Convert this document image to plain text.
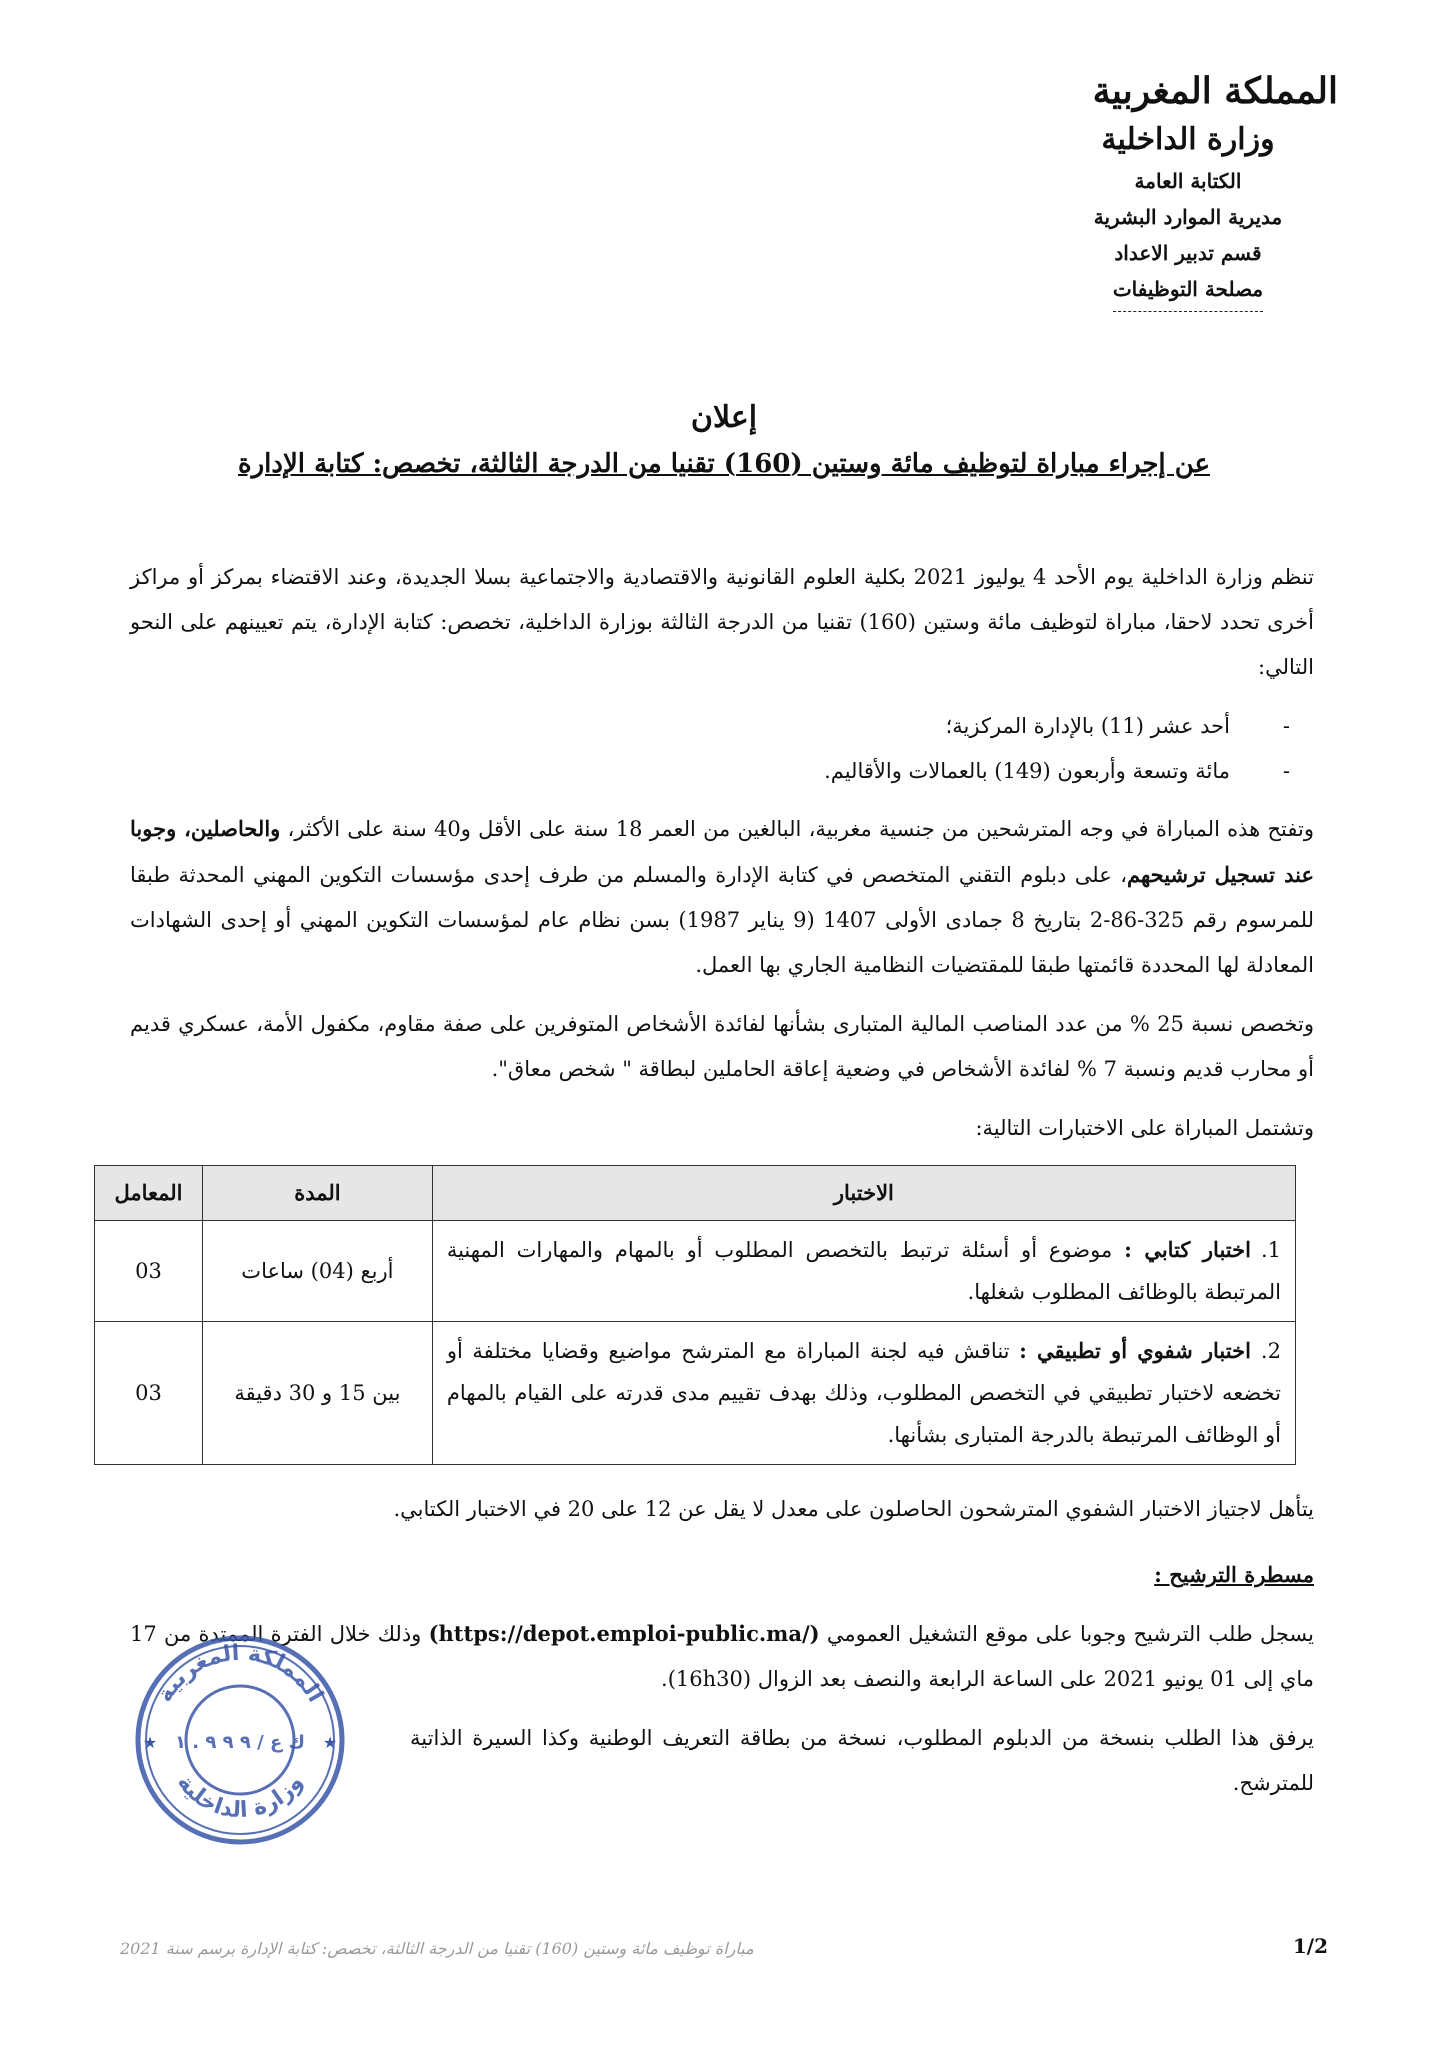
المملكة المغربية
وزارة الداخلية
الكتابة العامة
مديرية الموارد البشرية
قسم تدبير الاعداد
مصلحة التوظيفات
إعلان
عن إجراء مباراة لتوظيف مائة وستين (160) تقنيا من الدرجة الثالثة، تخصص: كتابة الإدارة

تنظم وزارة الداخلية يوم الأحد 4 يوليوز 2021 بكلية العلوم القانونية والاقتصادية والاجتماعية بسلا الجديدة، وعند الاقتضاء بمركز أو مراكز أخرى تحدد لاحقا، مباراة لتوظيف مائة وستين (160) تقنيا من الدرجة الثالثة بوزارة الداخلية، تخصص: كتابة الإدارة، يتم تعيينهم على النحو التالي:

-
أحد عشر (11) بالإدارة المركزية؛
-
مائة وتسعة وأربعون (149) بالعمالات والأقاليم.

وتفتح هذه المباراة في وجه المترشحين من جنسية مغربية، البالغين من العمر 18 سنة على الأقل و40 سنة على الأكثر، والحاصلين، وجوبا عند تسجيل ترشيحهم، على دبلوم التقني المتخصص في كتابة الإدارة والمسلم من طرف إحدى مؤسسات التكوين المهني المحدثة طبقا للمرسوم رقم 325-86-2 بتاريخ 8 جمادى الأولى 1407 (9 يناير 1987) بسن نظام عام لمؤسسات التكوين المهني أو إحدى الشهادات المعادلة لها المحددة قائمتها طبقا للمقتضيات النظامية الجاري بها العمل.

وتخصص نسبة 25 % من عدد المناصب المالية المتبارى بشأنها لفائدة الأشخاص المتوفرين على صفة مقاوم، مكفول الأمة، عسكري قديم أو محارب قديم ونسبة 7 % لفائدة الأشخاص في وضعية إعاقة الحاملين لبطاقة " شخص معاق".

وتشتمل المباراة على الاختبارات التالية:

الاختبار	المدة	المعامل
1.اختبار كتابي : موضوع أو أسئلة ترتبط بالتخصص المطلوب أو بالمهام والمهارات المهنية المرتبطة بالوظائف المطلوب شغلها.	أربع (04) ساعات	03
2.اختبار شفوي أو تطبيقي : تناقش فيه لجنة المباراة مع المترشح مواضيع وقضايا مختلفة أو تخضعه لاختبار تطبيقي في التخصص المطلوب، وذلك بهدف تقييم مدى قدرته على القيام بالمهام أو الوظائف المرتبطة بالدرجة المتبارى بشأنها.	بين 15 و 30 دقيقة	03

يتأهل لاجتياز الاختبار الشفوي المترشحون الحاصلون على معدل لا يقل عن 12 على 20 في الاختبار الكتابي.

مسطرة الترشيح :

يسجل طلب الترشيح وجوبا على موقع التشغيل العمومي (https://depot.emploi-public.ma/) وذلك خلال الفترة الممتدة من 17 ماي إلى 01 يونيو 2021 على الساعة الرابعة والنصف بعد الزوال (16h30).

يرفق هذا الطلب بنسخة من الدبلوم المطلوب، نسخة من بطاقة التعريف الوطنية وكذا السيرة الذاتية للمترشح.

المملكة المغربية
وزارة الداخلية
ك ع / ٩ ٩ ٩ . ١
★	★
مباراة توظيف مائة وستين (160) تقنيا من الدرجة الثالثة، تخصص: كتابة الإدارة برسم سنة 2021	1/2
